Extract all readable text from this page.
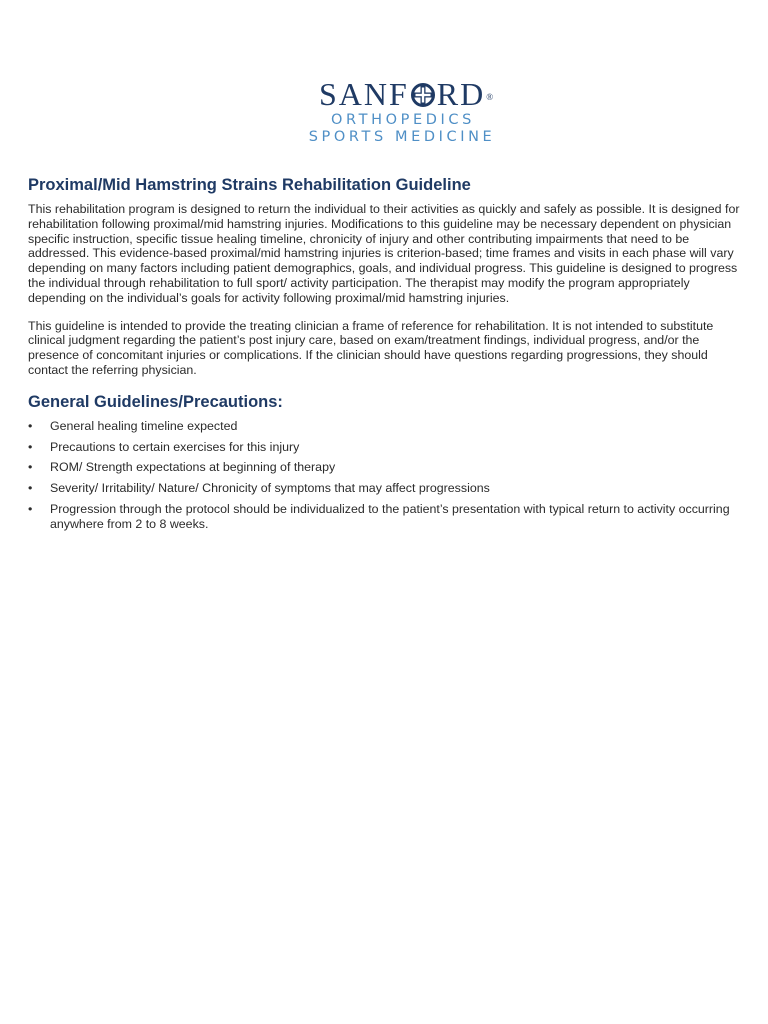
SANF RD®
ORTHOPEDICS
SPORTS MEDICINE
Proximal/Mid Hamstring Strains Rehabilitation Guideline

This rehabilitation program is designed to return the individual to their activities as quickly and safely as possible. It is designed for rehabilitation following proximal/mid hamstring injuries. Modifications to this guideline may be necessary dependent on physician specific instruction, specific tissue healing timeline, chronicity of injury and other contributing impairments that need to be addressed. This evidence-based proximal/mid hamstring injuries is criterion-based; time frames and visits in each phase will vary depending on many factors including patient demographics, goals, and individual progress. This guideline is designed to progress the individual through rehabilitation to full sport/ activity participation. The therapist may modify the program appropriately depending on the individual’s goals for activity following proximal/mid hamstring injuries.

This guideline is intended to provide the treating clinician a frame of reference for rehabilitation. It is not intended to substitute clinical judgment regarding the patient’s post injury care, based on exam/treatment findings, individual progress, and/or the presence of concomitant injuries or complications. If the clinician should have questions regarding progressions, they should contact the referring physician.

General Guidelines/Precautions:
•	General healing timeline expected
•	Precautions to certain exercises for this injury
•	ROM/ Strength expectations at beginning of therapy
•	Severity/ Irritability/ Nature/ Chronicity of symptoms that may affect progressions
•	Progression through the protocol should be individualized to the patient’s presentation with typical return to activity occurring anywhere from 2 to 8 weeks.
